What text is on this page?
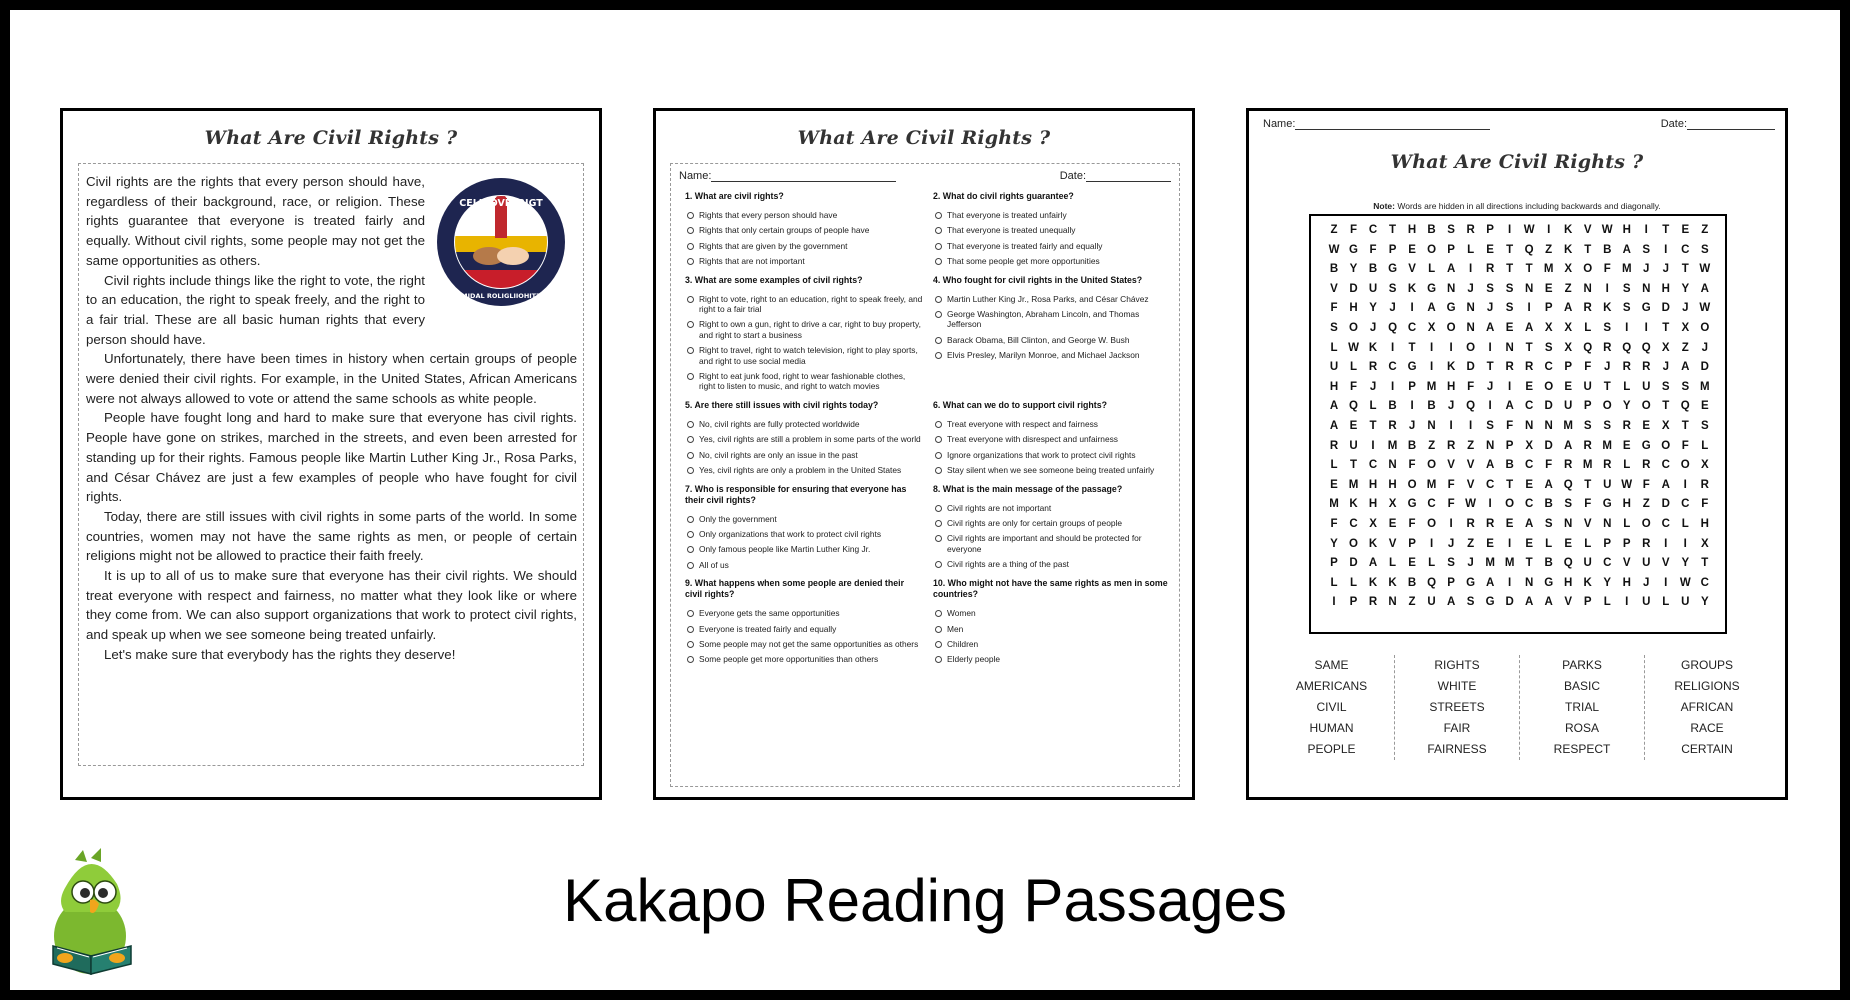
What Are Civil Rights ?
CELIROVIL RIGT
MIDAL ROLIGLIIOHITZ

Civil rights are the rights that every person should have, regardless of their background, race, or religion. These rights guarantee that everyone is treated fairly and equally. Without civil rights, some people may not get the same opportunities as others.

Civil rights include things like the right to vote, the right to an education, the right to speak freely, and the right to a fair trial. These are all basic human rights that every person should have.

Unfortunately, there have been times in history when certain groups of people were denied their civil rights. For example, in the United States, African Americans were not always allowed to vote or attend the same schools as white people.

People have fought long and hard to make sure that everyone has civil rights. People have gone on strikes, marched in the streets, and even been arrested for standing up for their rights. Famous people like Martin Luther King Jr., Rosa Parks, and César Chávez are just a few examples of people who have fought for civil rights.

Today, there are still issues with civil rights in some parts of the world. In some countries, women may not have the same rights as men, or people of certain religions might not be allowed to practice their faith freely.

It is up to all of us to make sure that everyone has their civil rights. We should treat everyone with respect and fairness, no matter what they look like or where they come from. We can also support organizations that work to protect civil rights, and speak up when we see someone being treated unfairly.

Let's make sure that everybody has the rights they deserve!

What Are Civil Rights ?
Name:	Date:
1. What are civil rights?
Rights that every person should have
Rights that only certain groups of people have
Rights that are given by the government
Rights that are not important
2. What do civil rights guarantee?
That everyone is treated unfairly
That everyone is treated unequally
That everyone is treated fairly and equally
That some people get more opportunities
3. What are some examples of civil rights?
Right to vote, right to an education, right to speak freely, and right to a fair trial
Right to own a gun, right to drive a car, right to buy property, and right to start a business
Right to travel, right to watch television, right to play sports, and right to use social media
Right to eat junk food, right to wear fashionable clothes, right to listen to music, and right to watch movies
4. Who fought for civil rights in the United States?
Martin Luther King Jr., Rosa Parks, and César Chávez
George Washington, Abraham Lincoln, and Thomas Jefferson
Barack Obama, Bill Clinton, and George W. Bush
Elvis Presley, Marilyn Monroe, and Michael Jackson
5. Are there still issues with civil rights today?
No, civil rights are fully protected worldwide
Yes, civil rights are still a problem in some parts of the world
No, civil rights are only an issue in the past
Yes, civil rights are only a problem in the United States
6. What can we do to support civil rights?
Treat everyone with respect and fairness
Treat everyone with disrespect and unfairness
Ignore organizations that work to protect civil rights
Stay silent when we see someone being treated unfairly
7. Who is responsible for ensuring that everyone has their civil rights?
Only the government
Only organizations that work to protect civil rights
Only famous people like Martin Luther King Jr.
All of us
8. What is the main message of the passage?
Civil rights are not important
Civil rights are only for certain groups of people
Civil rights are important and should be protected for everyone
Civil rights are a thing of the past
9. What happens when some people are denied their civil rights?
Everyone gets the same opportunities
Everyone is treated fairly and equally
Some people may not get the same opportunities as others
Some people get more opportunities than others
10. Who might not have the same rights as men in some countries?
Women
Men
Children
Elderly people
Name:	Date:
What Are Civil Rights ?
Note: Words are hidden in all directions including backwards and diagonally.
Z	F	C	T	H B	S	R	P	I	W	I	K	V W H	I	T	E	Z
W G	F	P	E O P	L	E	T	Q	Z	K	T	B A	S	I	C	S
B	Y	B G V	L	A	I	R	T	T M X O	F M	J	J	T W
V	D U	S	K G N	J	S	S	N	E	Z	N	I	S	N H	Y	A
F	H	Y	J	I	A G N	J	S	I	P	A R K	S G D	J W
S O	J	Q C	X O N A	E	A	X	X	L	S	I	I	T	X O
L W K	I	T	I	I	O	I	N	T	S	X Q R Q Q X	Z	J
U	L	R C G	I	K D	T	R R C	P	F	J	R R	J	A D
H	F	J	I	P M H	F	J	I	E O E	U	T	L	U	S	S M
A Q	L	B	I	B	J	Q	I	A C D U	P O Y O	T	Q E
A	E	T	R	J	N	I	I	S	F	N N M S	S	R	E	X	T	S
R U	I	M B	Z	R	Z	N	P	X	D A R M E G O	F	L
L	T	C N	F	O V	V	A B C	F	R M R	L	R C O X
E M H H O M F	V	C	T	E	A Q	T	U W F	A	I	R
M K H	X G C	F W	I	O C B	S	F	G H	Z	D C	F
F	C	X	E	F	O	I	R R	E	A	S	N	V	N	L	O C	L	H
Y O K	V	P	I	J	Z	E	I	E	L	E	L	P	P	R	I	I	X
P	D A	L	E	L	S	J	M M T	B Q U C	V	U	V	Y	T
L	L	K K B Q P G A	I	N G H K	Y	H	J	I	W C
I	P	R N	Z	U A	S G D A A	V	P	L	I	U	L	U	Y
SAME
AMERICANS
CIVIL
HUMAN
PEOPLE
RIGHTS
WHITE
STREETS
FAIR
FAIRNESS
PARKS
BASIC
TRIAL
ROSA
RESPECT
GROUPS
RELIGIONS
AFRICAN
RACE
CERTAIN
Kakapo Reading Passages
